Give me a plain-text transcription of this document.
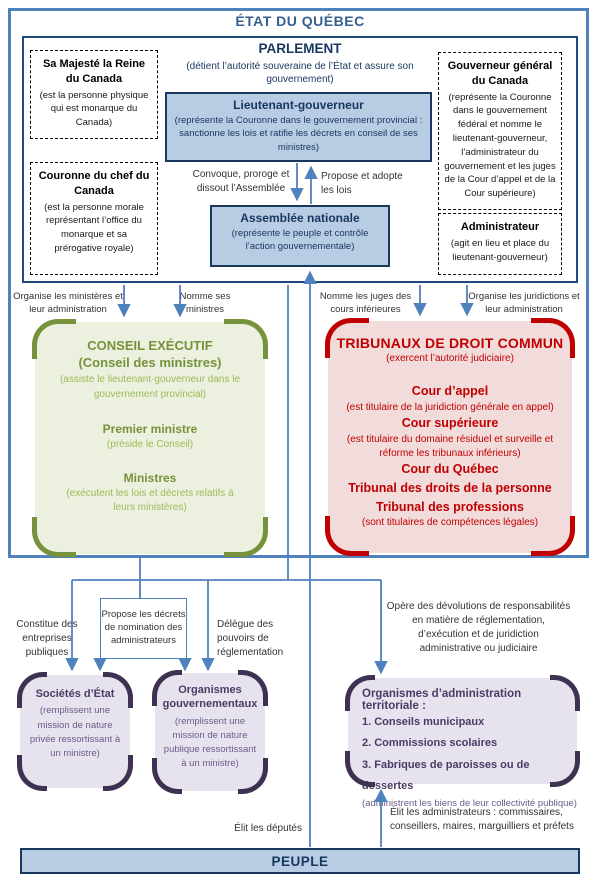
ÉTAT DU QUÉBEC
PARLEMENT
(détient l’autorité souveraine de l’État et assure son gouvernement)
Sa Majesté la Reine du Canada
(est la personne physique qui est monarque du Canada)
Couronne du chef du Canada
(est la personne morale représentant l’office du monarque et sa prérogative royale)
Gouverneur général du Canada
(représente la Couronne dans le gouvernement fédéral et nomme le lieutenant-gouverneur, l’administrateur du gouvernement et les juges de la Cour d’appel et de la Cour supérieure)
Administrateur
(agit en lieu et place du lieutenant-gouverneur)
Lieutenant-gouverneur
(représente la Couronne dans le gouvernement provincial : sanctionne les lois et ratifie les décrets en conseil de ses ministres)
Assemblée nationale
(représente le peuple et contrôle l’action gouvernementale)
Convoque, proroge et dissout l’Assemblée
Propose et adopte les lois
Organise les ministères et leur administration
Nomme ses ministres
Nomme les juges des cours inférieures
Organise les juridictions et leur administration
CONSEIL EXÉCUTIF
(Conseil des ministres)
(assiste le lieutenant-gouverneur dans le gouvernement provincial)
Premier ministre
(préside le Conseil)
Ministres
(exécutent les lois et décrets relatifs à leurs ministères)
TRIBUNAUX DE DROIT COMMUN
(exercent l’autorité judiciaire)
Cour d’appel
(est titulaire de la juridiction générale en appel)
Cour supérieure
(est titulaire du domaine résiduel et surveille et réforme les tribunaux inférieurs)
Cour du Québec
Tribunal des droits de la personne
Tribunal des professions
(sont titulaires de compétences légales)
Constitue des entreprises publiques
Propose les décrets de nomination des administrateurs
Délègue des pouvoirs de réglementation
Opère des dévolutions de responsabilités en matière de réglementation, d’exécution et de juridiction administrative ou judiciaire
Sociétés d’État
(remplissent une mission de nature privée ressortissant à un ministre)
Organismes gouvernementaux
(remplissent une mission de nature publique ressortissant à un ministre)
Organismes d’administration territoriale :
1. Conseils municipaux
2. Commissions scolaires
3. Fabriques de paroisses ou de dessertes
(administrent les biens de leur collectivité publique)
Élit les députés
Élit les administrateurs : commissaires, conseillers, maires, marguilliers et préfets
PEUPLE
